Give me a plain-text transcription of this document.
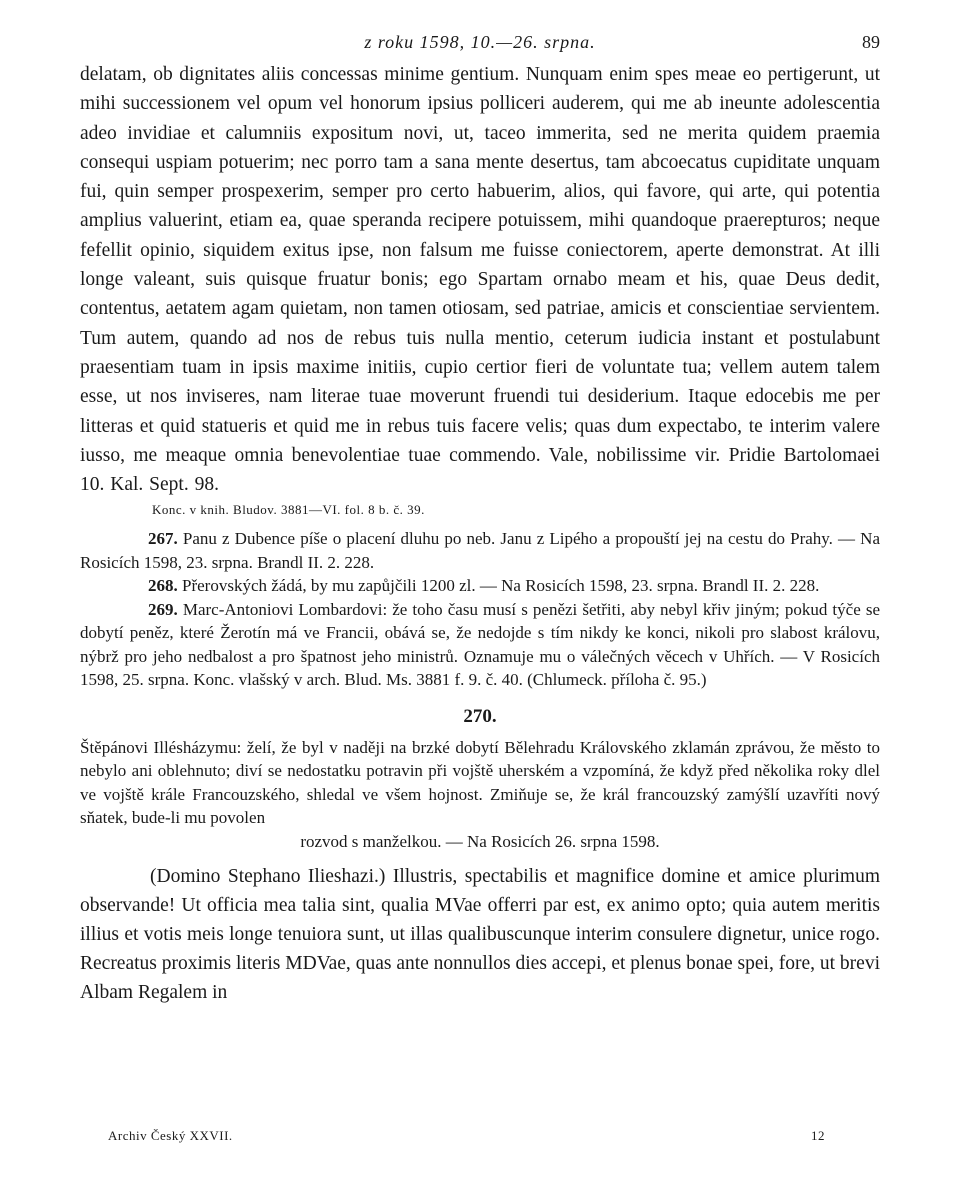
z roku 1598, 10.—26. srpna.	89

delatam, ob dignitates aliis concessas minime gentium. Nunquam enim spes meae eo pertigerunt, ut mihi successionem vel opum vel honorum ipsius polliceri auderem, qui me ab ineunte adolescentia adeo invidiae et calumniis expositum novi, ut, taceo immerita, sed ne merita quidem praemia consequi uspiam potuerim; nec porro tam a sana mente desertus, tam abcoecatus cupiditate unquam fui, quin semper prospexerim, semper pro certo habuerim, alios, qui favore, qui arte, qui potentia amplius valuerint, etiam ea, quae speranda recipere potuissem, mihi quandoque praerepturos; neque fefellit opinio, siquidem exitus ipse, non falsum me fuisse coniectorem, aperte demonstrat. At illi longe valeant, suis quisque fruatur bonis; ego Spartam ornabo meam et his, quae Deus dedit, contentus, aetatem agam quietam, non tamen otiosam, sed patriae, amicis et conscientiae servientem. Tum autem, quando ad nos de rebus tuis nulla mentio, ceterum iudicia instant et postulabunt praesentiam tuam in ipsis maxime initiis, cupio certior fieri de voluntate tua; vellem autem talem esse, ut nos inviseres, nam literae tuae moverunt fruendi tui desiderium. Itaque edocebis me per litteras et quid statueris et quid me in rebus tuis facere velis; quas dum expectabo, te interim valere iusso, me meaque omnia benevolentiae tuae commendo. Vale, nobilissime vir. Pridie Bartolomaei 10. Kal. Sept. 98.

Konc. v knih. Bludov. 3881—VI. fol. 8 b. č. 39.

267. Panu z Dubence píše o placení dluhu po neb. Janu z Lipého a propouští jej na cestu do Prahy. — Na Rosicích 1598, 23. srpna. Brandl II. 2. 228.

268. Přerovských žádá, by mu zapůjčili 1200 zl. — Na Rosicích 1598, 23. srpna. Brandl II. 2. 228.

269. Marc-Antoniovi Lombardovi: že toho času musí s penězi šetřiti, aby nebyl křiv jiným; pokud týče se dobytí peněz, které Žerotín má ve Francii, obává se, že nedojde s tím nikdy ke konci, nikoli pro slabost královu, nýbrž pro jeho nedbalost a pro špatnost jeho ministrů. Oznamuje mu o válečných věcech v Uhřích. — V Rosicích 1598, 25. srpna. Konc. vlašský v arch. Blud. Ms. 3881 f. 9. č. 40. (Chlumeck. příloha č. 95.)

270.

Štěpánovi Illésházymu: želí, že byl v naději na brzké dobytí Bělehradu Královského zklamán zprávou, že město to nebylo ani oblehnuto; diví se nedostatku potravin při vojště uherském a vzpomíná, že když před několika roky dlel ve vojště krále Francouzského, shledal ve všem hojnost. Zmiňuje se, že král francouzský zamýšlí uzavříti nový sňatek, bude-li mu povolen

rozvod s manželkou. — Na Rosicích 26. srpna 1598.

(Domino Stephano Ilieshazi.) Illustris, spectabilis et magnifice domine et amice plurimum observande! Ut officia mea talia sint, qualia MVae offerri par est, ex animo opto; quia autem meritis illius et votis meis longe tenuiora sunt, ut illas qualibuscunque interim consulere dignetur, unice rogo. Recreatus proximis literis MDVae, quas ante nonnullos dies accepi, et plenus bonae spei, fore, ut brevi Albam Regalem in

Archiv Český XXVII.	12
